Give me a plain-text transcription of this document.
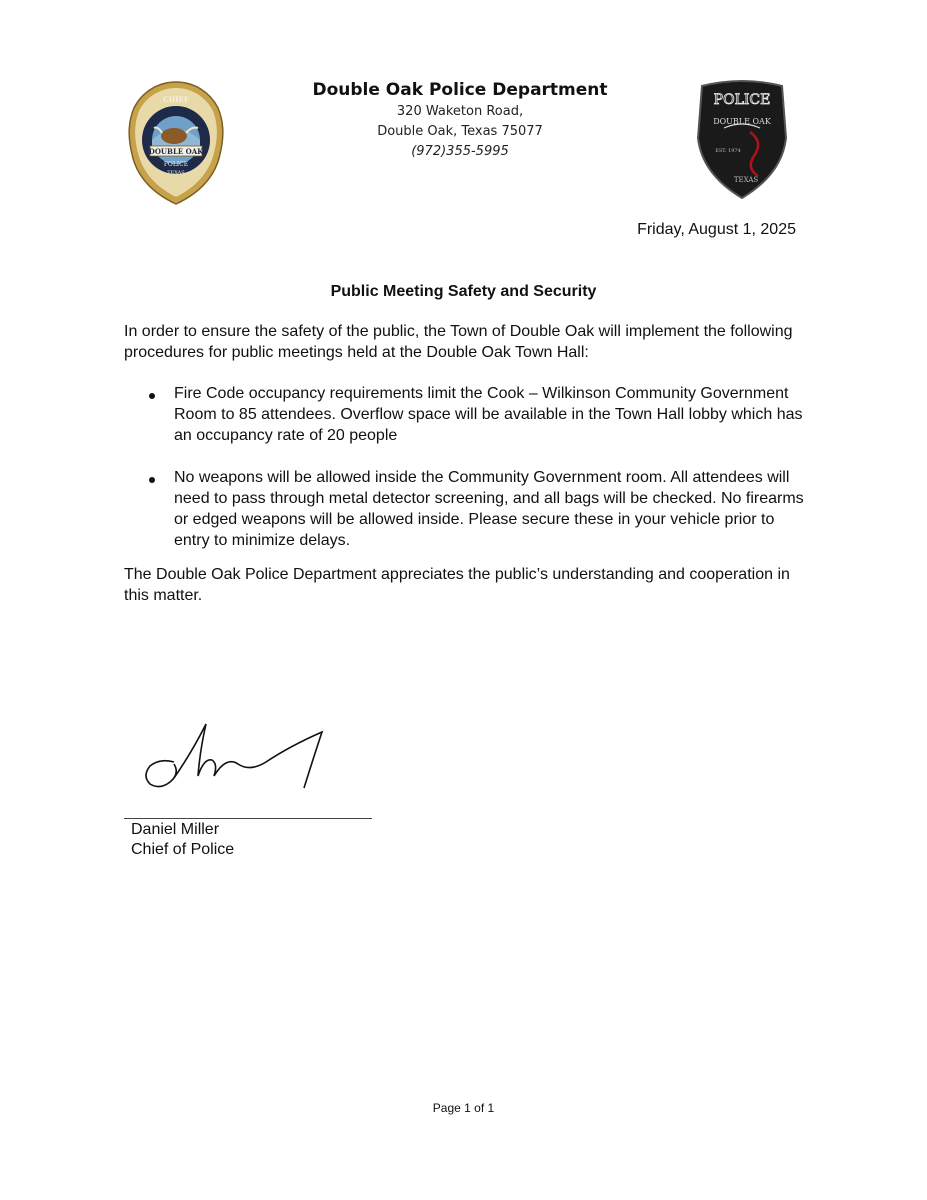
DOUBLE OAK
CHIEF
POLICE
TEXAS
Double Oak Police Department
320 Waketon Road,
Double Oak, Texas 75077
(972)355-5995
POLICE
DOUBLE OAK
EST. 1974
TEXAS
Friday, August 1, 2025
Public Meeting Safety and Security
In order to ensure the safety of the public, the Town of Double Oak will implement the following procedures for public meetings held at the Double Oak Town Hall:
Fire Code occupancy requirements limit the Cook – Wilkinson Community Government Room to 85 attendees. Overflow space will be available in the Town Hall lobby which has an occupancy rate of 20 people
No weapons will be allowed inside the Community Government room. All attendees will need to pass through metal detector screening, and all bags will be checked. No firearms or edged weapons will be allowed inside. Please secure these in your vehicle prior to entry to minimize delays.
The Double Oak Police Department appreciates the public’s understanding and cooperation in this matter.
Daniel Miller
Chief of Police
Page 1 of 1
